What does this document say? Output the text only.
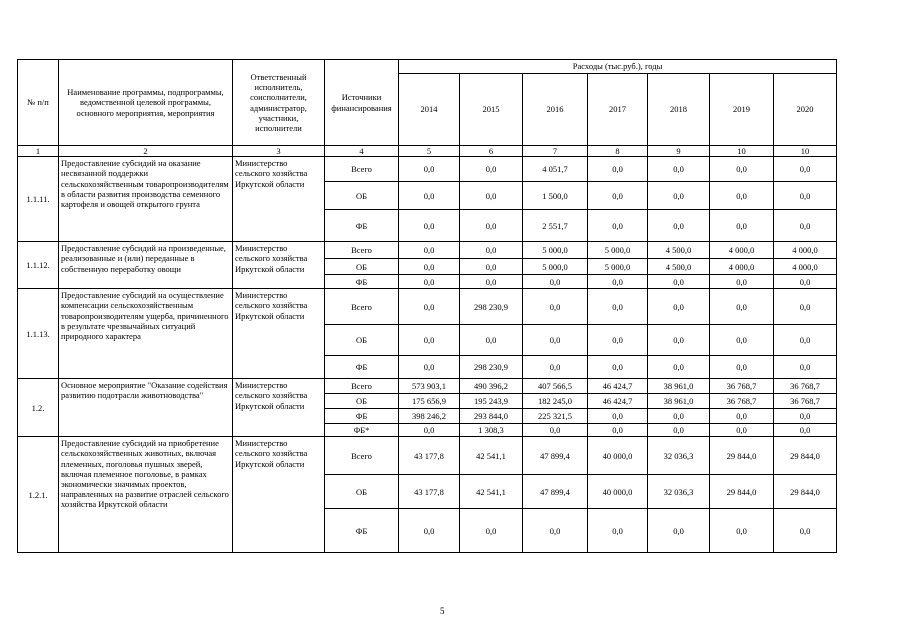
№ п/п	Наименование программы, подпрограммы, ведомственной целевой программы, основного мероприятия, мероприятия	Ответственный исполнитель, соисполнители, администратор, участники, исполнители	Источники финансирования	Расходы (тыс.руб.), годы						
				2014	2015	2016	2017	2018	2019	2020
1	2	3	4	5	6	7	8	9	10	10
1.1.11.	Предоставление субсидий на оказание несвязанной поддержки сельскохозяйственным товаропроизводителям в области развития производства семенного картофеля и овощей открытого грунта	Министерство сельского хозяйства Иркутской области	Всего	0,0	0,0	4 051,7	0,0	0,0	0,0	0,0
			ОБ	0,0	0,0	1 500,0	0,0	0,0	0,0	0,0
			ФБ	0,0	0,0	2 551,7	0,0	0,0	0,0	0,0
1.1.12.	Предоставление субсидий на произведенные, реализованные и (или) переданные в собственную переработку овощи	Министерство сельского хозяйства Иркутской области	Всего	0,0	0,0	5 000,0	5 000,0	4 500,0	4 000,0	4 000,0
			ОБ	0,0	0,0	5 000,0	5 000,0	4 500,0	4 000,0	4 000,0
			ФБ	0,0	0,0	0,0	0,0	0,0	0,0	0,0
1.1.13.	Предоставление субсидий на осуществление компенсации сельскохозяйственным товаропроизводителям ущерба, причиненного в результате чрезвычайных ситуаций природного характера	Министерство сельского хозяйства Иркутской области	Всего	0,0	298 230,9	0,0	0,0	0,0	0,0	0,0
			ОБ	0,0	0,0	0,0	0,0	0,0	0,0	0,0
			ФБ	0,0	298 230,9	0,0	0,0	0,0	0,0	0,0
1.2.	Основное мероприятие "Оказание содействия развитию подотрасли животноводства"	Министерство сельского хозяйства Иркутской области	Всего	573 903,1	490 396,2	407 566,5	46 424,7	38 961,0	36 768,7	36 768,7
			ОБ	175 656,9	195 243,9	182 245,0	46 424,7	38 961,0	36 768,7	36 768,7
			ФБ	398 246,2	293 844,0	225 321,5	0,0	0,0	0,0	0,0
			ФБ*	0,0	1 308,3	0,0	0,0	0,0	0,0	0,0
1.2.1.	Предоставление субсидий на приобретение сельскохозяйственных животных, включая племенных, поголовья пушных зверей, включая племенное поголовье, в рамках экономически значимых проектов, направленных на развитие отраслей сельского хозяйства Иркутской области	Министерство сельского хозяйства Иркутской области	Всего	43 177,8	42 541,1	47 899,4	40 000,0	32 036,3	29 844,0	29 844,0
			ОБ	43 177,8	42 541,1	47 899,4	40 000,0	32 036,3	29 844,0	29 844,0
			ФБ	0,0	0,0	0,0	0,0	0,0	0,0	0,0
5
